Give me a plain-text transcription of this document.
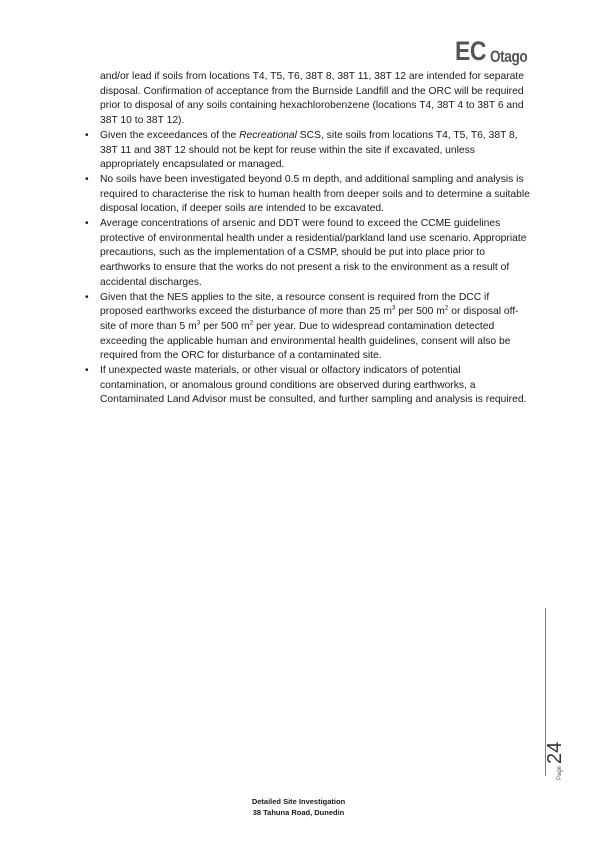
EC Otago

and/or lead if soils from locations T4, T5, T6, 38T 8, 38T 11, 38T 12 are intended for separate disposal. Confirmation of acceptance from the Burnside Landfill and the ORC will be required prior to disposal of any soils containing hexachlorobenzene (locations T4, 38T 4 to 38T 6 and 38T 10 to 38T 12).

• Given the exceedances of the Recreational SCS, site soils from locations T4, T5, T6, 38T 8, 38T 11 and 38T 12 should not be kept for reuse within the site if excavated, unless appropriately encapsulated or managed.
• No soils have been investigated beyond 0.5 m depth, and additional sampling and analysis is required to characterise the risk to human health from deeper soils and to determine a suitable disposal location, if deeper soils are intended to be excavated.
• Average concentrations of arsenic and DDT were found to exceed the CCME guidelines protective of environmental health under a residential/parkland land use scenario. Appropriate precautions, such as the implementation of a CSMP, should be put into place prior to earthworks to ensure that the works do not present a risk to the environment as a result of accidental discharges.
• Given that the NES applies to the site, a resource consent is required from the DCC if proposed earthworks exceed the disturbance of more than 25 $m^3$ per 500 $m^2$ or disposal off-site of more than 5 $m^3$ per 500 $m^2$ per year. Due to widespread contamination detected exceeding the applicable human and environmental health guidelines, consent will also be required from the ORC for disturbance of a contaminated site.
• If unexpected waste materials, or other visual or olfactory indicators of potential contamination, or anomalous ground conditions are observed during earthworks, a Contaminated Land Advisor must be consulted, and further sampling and analysis is required.
Page
24
Detailed Site Investigation
38 Tahuna Road, Dunedin
